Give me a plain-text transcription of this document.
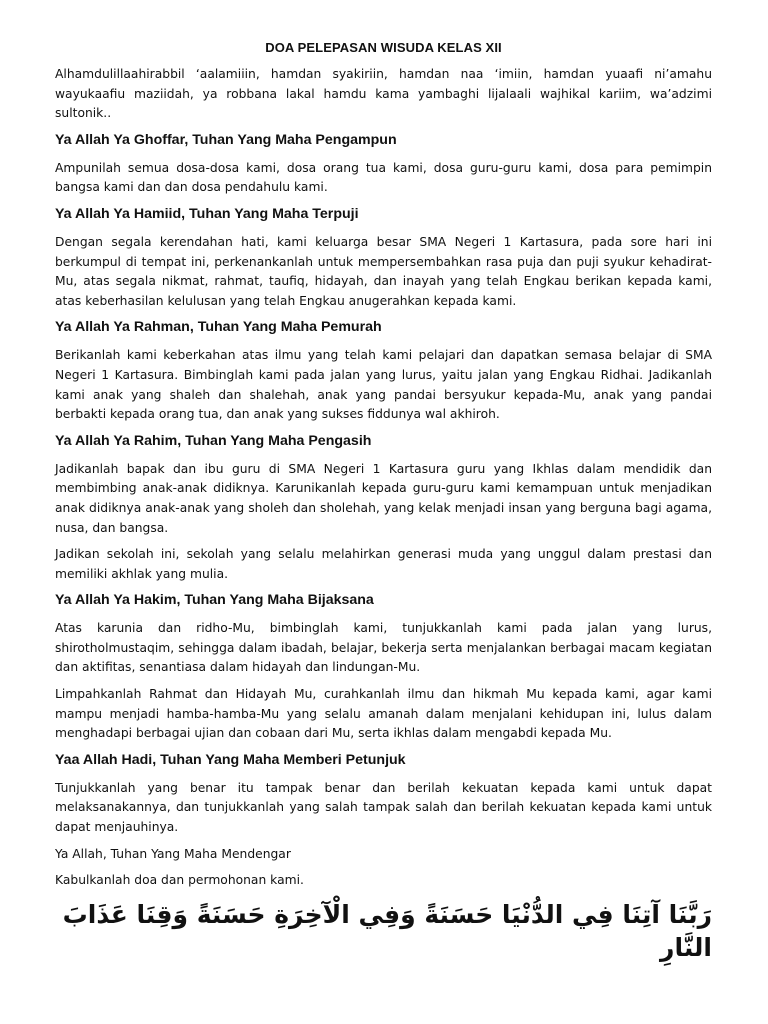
DOA PELEPASAN WISUDA KELAS XII

Alhamdulillaahirabbil ‘aalamiiin, hamdan syakiriin, hamdan naa ‘imiin, hamdan yuaafi ni’amahu wayukaafiu maziidah, ya robbana lakal hamdu kama yambaghi lijalaali wajhikal kariim, wa’adzimi sultonik..

Ya Allah Ya Ghoffar, Tuhan Yang Maha Pengampun

Ampunilah semua dosa-dosa kami, dosa orang tua kami, dosa guru-guru kami, dosa para pemimpin bangsa kami dan dan dosa pendahulu kami.

Ya Allah Ya Hamiid, Tuhan Yang Maha Terpuji

Dengan segala kerendahan hati, kami keluarga besar SMA Negeri 1 Kartasura, pada sore hari ini berkumpul di tempat ini, perkenankanlah untuk mempersembahkan rasa puja dan puji syukur kehadirat-Mu, atas segala nikmat, rahmat, taufiq, hidayah, dan inayah yang telah Engkau berikan kepada kami, atas keberhasilan kelulusan yang telah Engkau anugerahkan kepada kami.

Ya Allah Ya Rahman, Tuhan Yang Maha Pemurah

Berikanlah kami keberkahan atas ilmu yang telah kami pelajari dan dapatkan semasa belajar di SMA Negeri 1 Kartasura. Bimbinglah kami pada jalan yang lurus, yaitu jalan yang Engkau Ridhai. Jadikanlah kami anak yang shaleh dan shalehah, anak yang pandai bersyukur kepada-Mu, anak yang pandai berbakti kepada orang tua, dan anak yang sukses fiddunya wal akhiroh.

Ya Allah Ya Rahim, Tuhan Yang Maha Pengasih

Jadikanlah bapak dan ibu guru di SMA Negeri 1 Kartasura guru yang Ikhlas dalam mendidik dan membimbing anak-anak didiknya. Karunikanlah kepada guru-guru kami kemampuan untuk menjadikan anak didiknya anak-anak yang sholeh dan sholehah, yang kelak menjadi insan yang berguna bagi agama, nusa, dan bangsa.

Jadikan sekolah ini, sekolah yang selalu melahirkan generasi muda yang unggul dalam prestasi dan memiliki akhlak yang mulia.

Ya Allah Ya Hakim, Tuhan Yang Maha Bijaksana

Atas karunia dan ridho-Mu, bimbinglah kami, tunjukkanlah kami pada jalan yang lurus, shirotholmustaqim, sehingga dalam ibadah, belajar, bekerja serta menjalankan berbagai macam kegiatan dan aktifitas, senantiasa dalam hidayah dan lindungan-Mu.

Limpahkanlah Rahmat dan Hidayah Mu, curahkanlah ilmu dan hikmah Mu kepada kami, agar kami mampu menjadi hamba-hamba-Mu yang selalu amanah dalam menjalani kehidupan ini, lulus dalam menghadapi berbagai ujian dan cobaan dari Mu, serta ikhlas dalam mengabdi kepada Mu.

Yaa Allah Hadi, Tuhan Yang Maha Memberi Petunjuk

Tunjukkanlah yang benar itu tampak benar dan berilah kekuatan kepada kami untuk dapat melaksanakannya, dan tunjukkanlah yang salah tampak salah dan berilah kekuatan kepada kami untuk dapat menjauhinya.

Ya Allah, Tuhan Yang Maha Mendengar

Kabulkanlah doa dan permohonan kami.

رَبَّنَا آتِنَا فِي الدُّنْيَا حَسَنَةً وَفِي الْآخِرَةِ حَسَنَةً وَقِنَا عَذَابَ النَّارِ
